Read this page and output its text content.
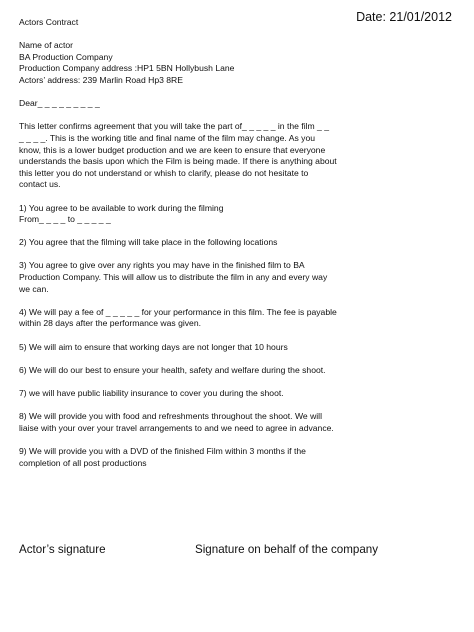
Date: 21/01/2012
Actors Contract
Name of actor
BA Production Company
Production Company address :HP1 5BN Hollybush Lane
Actors’ address: 239 Marlin Road Hp3 8RE
Dear_ _ _ _ _ _ _ _ _
This letter confirms agreement that you will take the part of_ _ _ _ _ in the film _ _
_ _ _ _. This is the working title and final name of the film may change. As you
know, this is a lower budget production and we are keen to ensure that everyone
understands the basis upon which the Film is being made. If there is anything about
this letter you do not understand or whish to clarify, please do not hesitate to
contact us.
1) You agree to be available to work during the filming
From_ _ _ _ to _ _ _ _ _
2) You agree that the filming will take place in the following locations
3) You agree to give over any rights you may have in the finished film to BA
Production Company. This will allow us to distribute the film in any and every way
we can.
4) We will pay a fee of _ _ _ _ _ for your performance in this film. The fee is payable
within 28 days after the performance was given.
5) We will aim to ensure that working days are not longer that 10 hours
6) We will do our best to ensure your health, safety and welfare during the shoot.
7) we will have public liability insurance to cover you during the shoot.
8) We will provide you with food and refreshments throughout the shoot. We will
liaise with your over your travel arrangements to and we need to agree in advance.
9) We will provide you with a DVD of the finished Film within 3 months if the
completion of all post productions
Actor’s signature	Signature on behalf of the company
